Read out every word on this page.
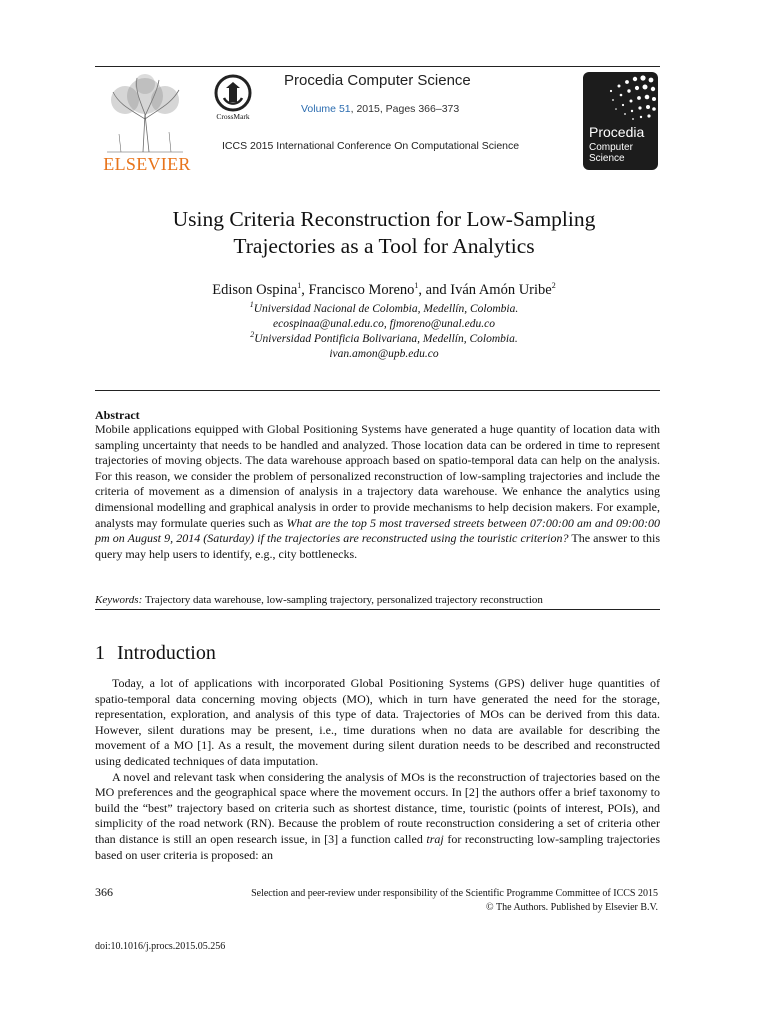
ELSEVIER
CrossMark
Procedia Computer Science
Volume 51, 2015, Pages 366–373
ICCS 2015 International Conference On Computational Science
Procedia
Computer
Science
Using Criteria Reconstruction for Low-Sampling
Trajectories as a Tool for Analytics
Edison Ospina$^1$, Francisco Moreno$^1$, and Iván Amón Uribe$^2$
$^1$Universidad Nacional de Colombia, Medellín, Colombia.
ecospinaa@unal.edu.co, fjmoreno@unal.edu.co
$^2$Universidad Pontificia Bolivariana, Medellín, Colombia.
ivan.amon@upb.edu.co
Abstract
Mobile applications equipped with Global Positioning Systems have generated a huge quantity of location data with sampling uncertainty that needs to be handled and analyzed. Those location data can be ordered in time to represent trajectories of moving objects. The data warehouse approach based on spatio-temporal data can help on the analysis. For this reason, we consider the problem of personalized reconstruction of low-sampling trajectories and include the criteria of movement as a dimension of analysis in a trajectory data warehouse. We enhance the analytics using dimensional modelling and graphical analysis in order to provide mechanisms to help decision makers. For example, analysts may formulate queries such as What are the top 5 most traversed streets between 07:00:00 am and 09:00:00 pm on August 9, 2014 (Saturday) if the trajectories are reconstructed using the touristic criterion? The answer to this query may help users to identify, e.g., city bottlenecks.
Keywords: Trajectory data warehouse, low-sampling trajectory, personalized trajectory reconstruction
1 Introduction

Today, a lot of applications with incorporated Global Positioning Systems (GPS) deliver huge quantities of spatio-temporal data concerning moving objects (MO), which in turn have generated the need for the storage, representation, exploration, and analysis of this type of data. Trajectories of MOs can be derived from this data. However, silent durations may be present, i.e., time durations when no data are available for describing the movement of a MO [1]. As a result, the movement during silent duration needs to be described and reconstructed using dedicated techniques of data imputation.

A novel and relevant task when considering the analysis of MOs is the reconstruction of trajectories based on the MO preferences and the geographical space where the movement occurs. In [2] the authors offer a brief taxonomy to build the “best” trajectory based on criteria such as shortest distance, time, touristic (points of interest, POIs), and simplicity of the road network (RN). Because the problem of route reconstruction considering a set of criteria other than distance is still an open research issue, in [3] a function called traj for reconstructing low-sampling trajectories based on user criteria is proposed: an

366	Selection and peer-review under responsibility of the Scientific Programme Committee of ICCS 2015
© The Authors. Published by Elsevier B.V.
doi:10.1016/j.procs.2015.05.256
